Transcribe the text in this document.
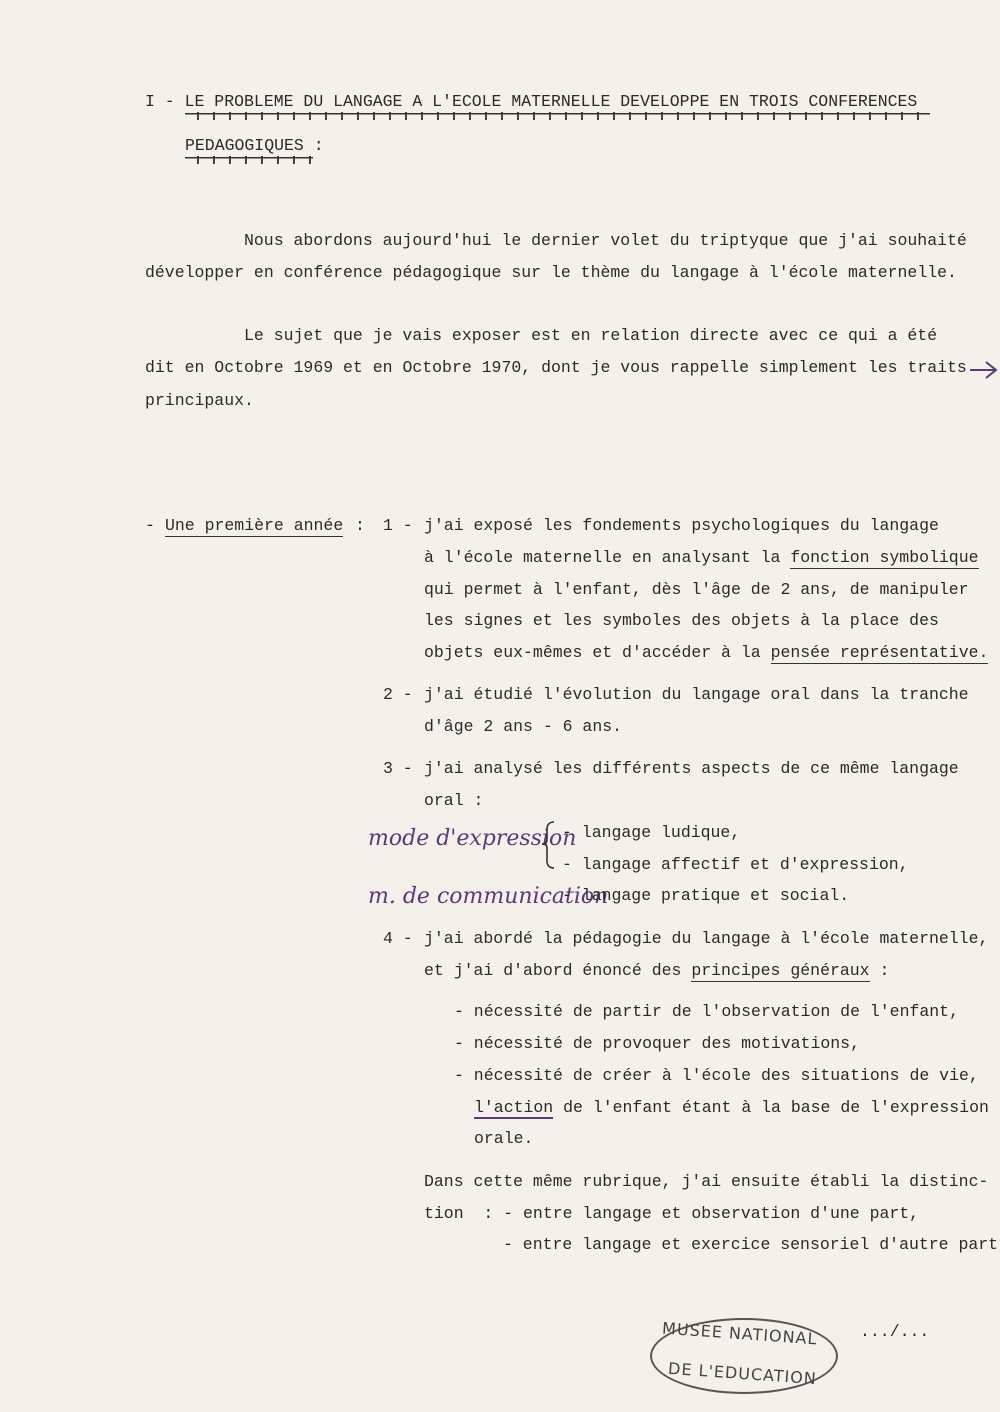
I - LE PROBLEME DU LANGAGE A L'ECOLE MATERNELLE DEVELOPPE EN TROIS CONFERENCES
PEDAGOGIQUES :
Nous abordons aujourd'hui le dernier volet du triptyque que j'ai souhaité
développer en conférence pédagogique sur le thème du langage à l'école maternelle.
Le sujet que je vais exposer est en relation directe avec ce qui a été
dit en Octobre 1969 et en Octobre 1970, dont je vous rappelle simplement les traits
principaux.
- Une première année : 1 - j'ai exposé les fondements psychologiques du langage
à l'école maternelle en analysant la fonction symbolique
qui permet à l'enfant, dès l'âge de 2 ans, de manipuler
les signes et les symboles des objets à la place des
objets eux-mêmes et d'accéder à la pensée représentative.
2 - j'ai étudié l'évolution du langage oral dans la tranche
d'âge 2 ans - 6 ans.
3 - j'ai analysé les différents aspects de ce même langage
oral :
mode d'expression
- langage ludique,
- langage affectif et d'expression,
m. de communication
- langage pratique et social.
4 - j'ai abordé la pédagogie du langage à l'école maternelle,
et j'ai d'abord énoncé des principes généraux :
- nécessité de partir de l'observation de l'enfant,
- nécessité de provoquer des motivations,
- nécessité de créer à l'école des situations de vie,
l'action de l'enfant étant à la base de l'expression
orale.
Dans cette même rubrique, j'ai ensuite établi la distinc-
tion  : - entre langage et observation d'une part,
- entre langage et exercice sensoriel d'autre part
.../...
MUSEE NATIONAL
DE L'EDUCATION
